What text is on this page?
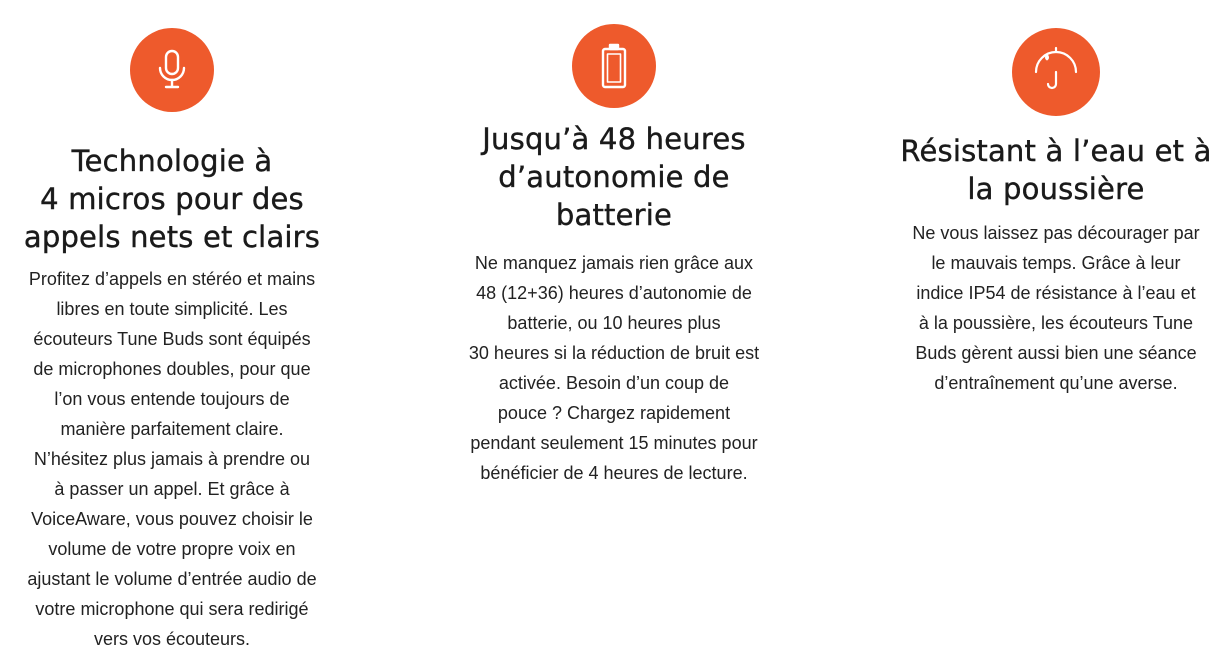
Technologie à
4 micros pour des
appels nets et clairs

Profitez d’appels en stéréo et mains
libres en toute simplicité. Les
écouteurs Tune Buds sont équipés
de microphones doubles, pour que
l’on vous entende toujours de
manière parfaitement claire.
N’hésitez plus jamais à prendre ou
à passer un appel. Et grâce à
VoiceAware, vous pouvez choisir le
volume de votre propre voix en
ajustant le volume d’entrée audio de
votre microphone qui sera redirigé
vers vos écouteurs.

Jusqu’à 48 heures
d’autonomie de
batterie

Ne manquez jamais rien grâce aux
48 (12+36) heures d’autonomie de
batterie, ou 10 heures plus
30 heures si la réduction de bruit est
activée. Besoin d’un coup de
pouce ? Chargez rapidement
pendant seulement 15 minutes pour
bénéficier de 4 heures de lecture.

Résistant à l’eau et à
la poussière

Ne vous laissez pas décourager par
le mauvais temps. Grâce à leur
indice IP54 de résistance à l’eau et
à la poussière, les écouteurs Tune
Buds gèrent aussi bien une séance
d’entraînement qu’une averse.
